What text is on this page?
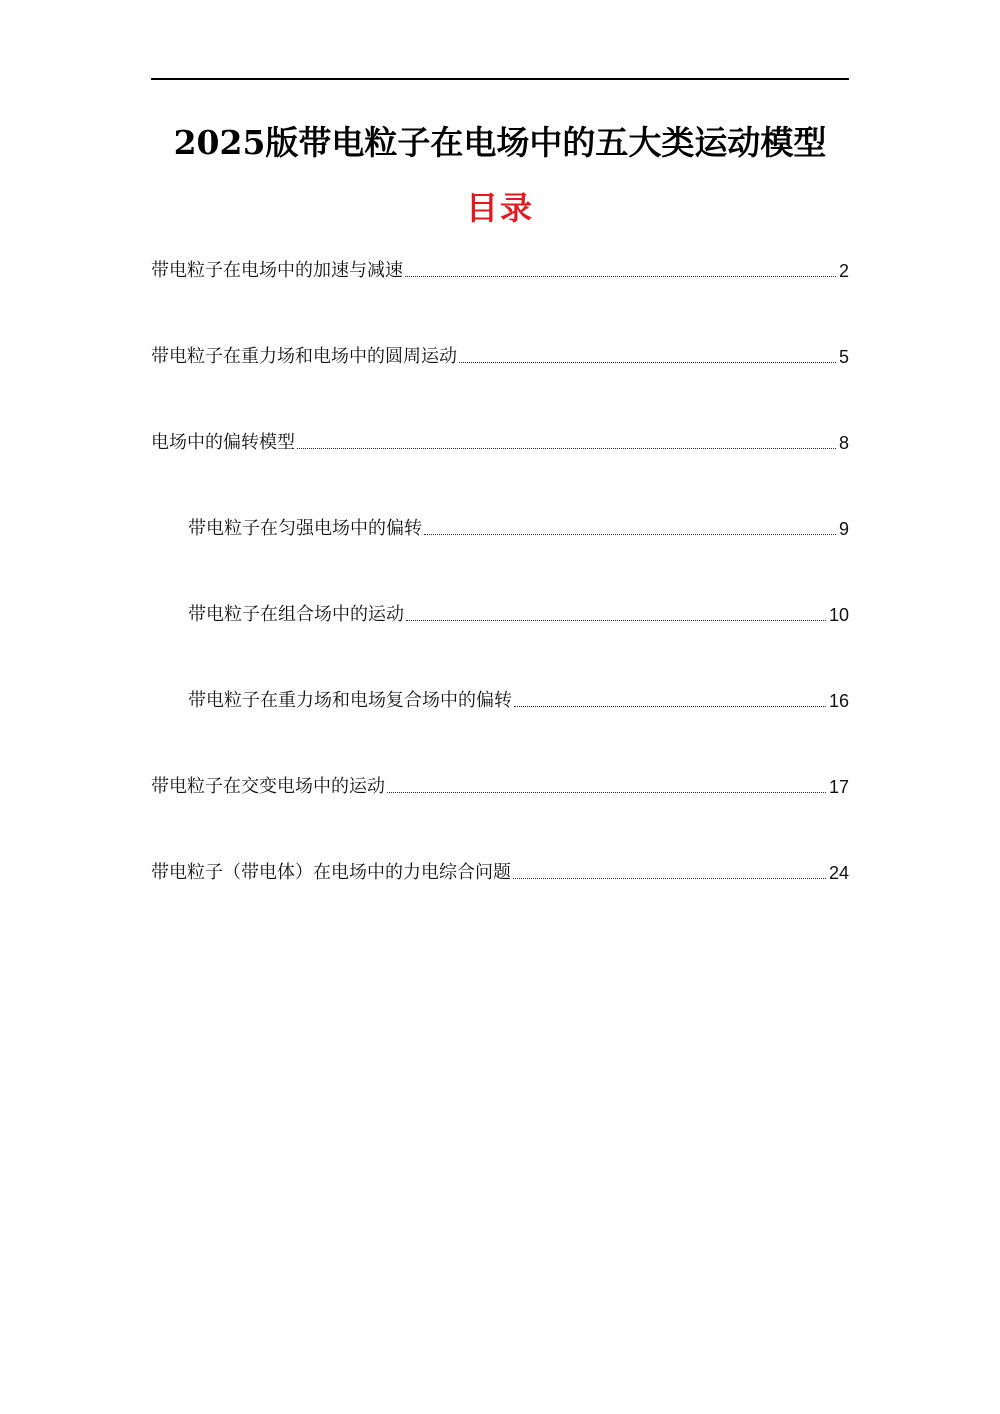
2025版带电粒子在电场中的五大类运动模型
目录
带电粒子在电场中的加速与减速	2
带电粒子在重力场和电场中的圆周运动	5
电场中的偏转模型	8
带电粒子在匀强电场中的偏转	9
带电粒子在组合场中的运动	10
带电粒子在重力场和电场复合场中的偏转	16
带电粒子在交变电场中的运动	17
带电粒子（带电体）在电场中的力电综合问题	24
